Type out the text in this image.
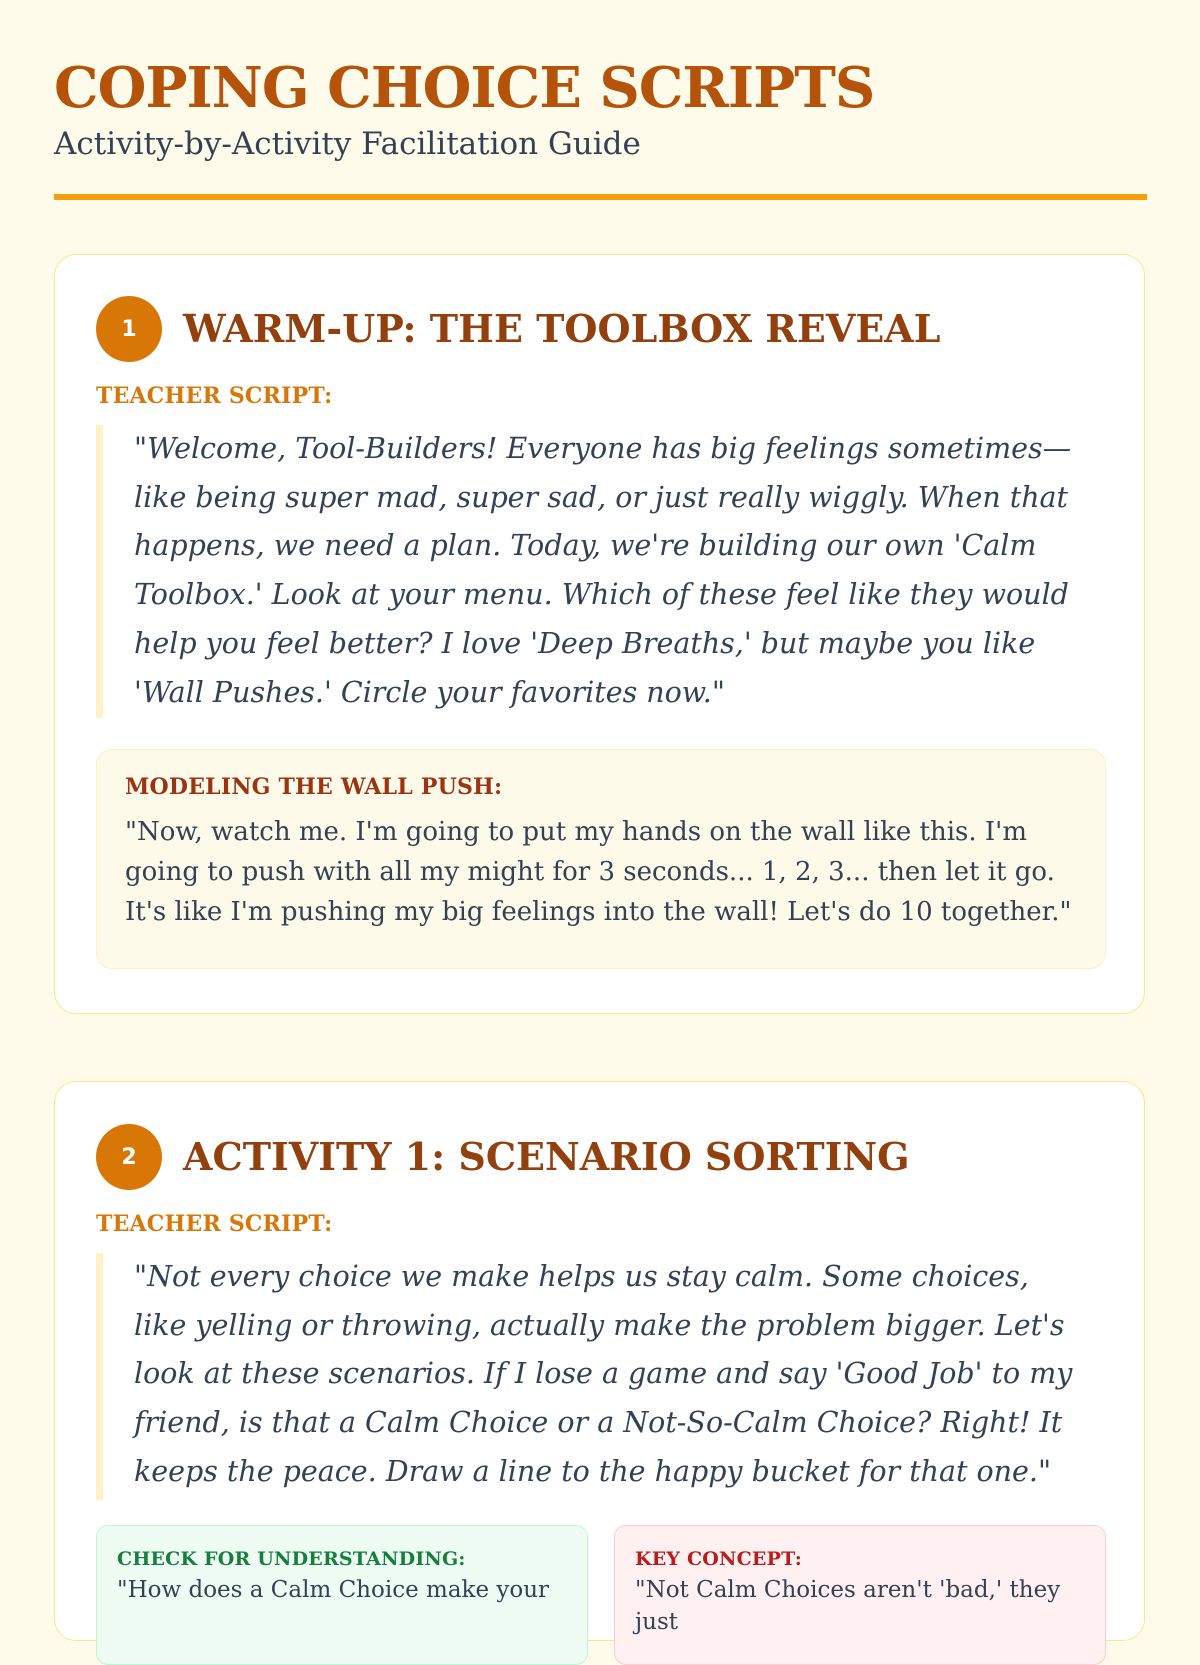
COPING CHOICE SCRIPTS

Activity-by-Activity Facilitation Guide

1	WARM-UP: THE TOOLBOX REVEAL
TEACHER SCRIPT:
"Welcome, Tool-Builders! Everyone has big feelings sometimes—like being super mad, super sad, or just really wiggly. When that happens, we need a plan. Today, we're building our own 'Calm Toolbox.' Look at your menu. Which of these feel like they would help you feel better? I love 'Deep Breaths,' but maybe you like 'Wall Pushes.' Circle your favorites now."
MODELING THE WALL PUSH:
"Now, watch me. I'm going to put my hands on the wall like this. I'm going to push with all my might for 3 seconds... 1, 2, 3... then let it go. It's like I'm pushing my big feelings into the wall! Let's do 10 together."
2	ACTIVITY 1: SCENARIO SORTING
TEACHER SCRIPT:
"Not every choice we make helps us stay calm. Some choices, like yelling or throwing, actually make the problem bigger. Let's look at these scenarios. If I lose a game and say 'Good Job' to my friend, is that a Calm Choice or a Not-So-Calm Choice? Right! It keeps the peace. Draw a line to the happy bucket for that one."
CHECK FOR UNDERSTANDING:
"How does a Calm Choice make your
KEY CONCEPT:
"Not Calm Choices aren't 'bad,' they just
